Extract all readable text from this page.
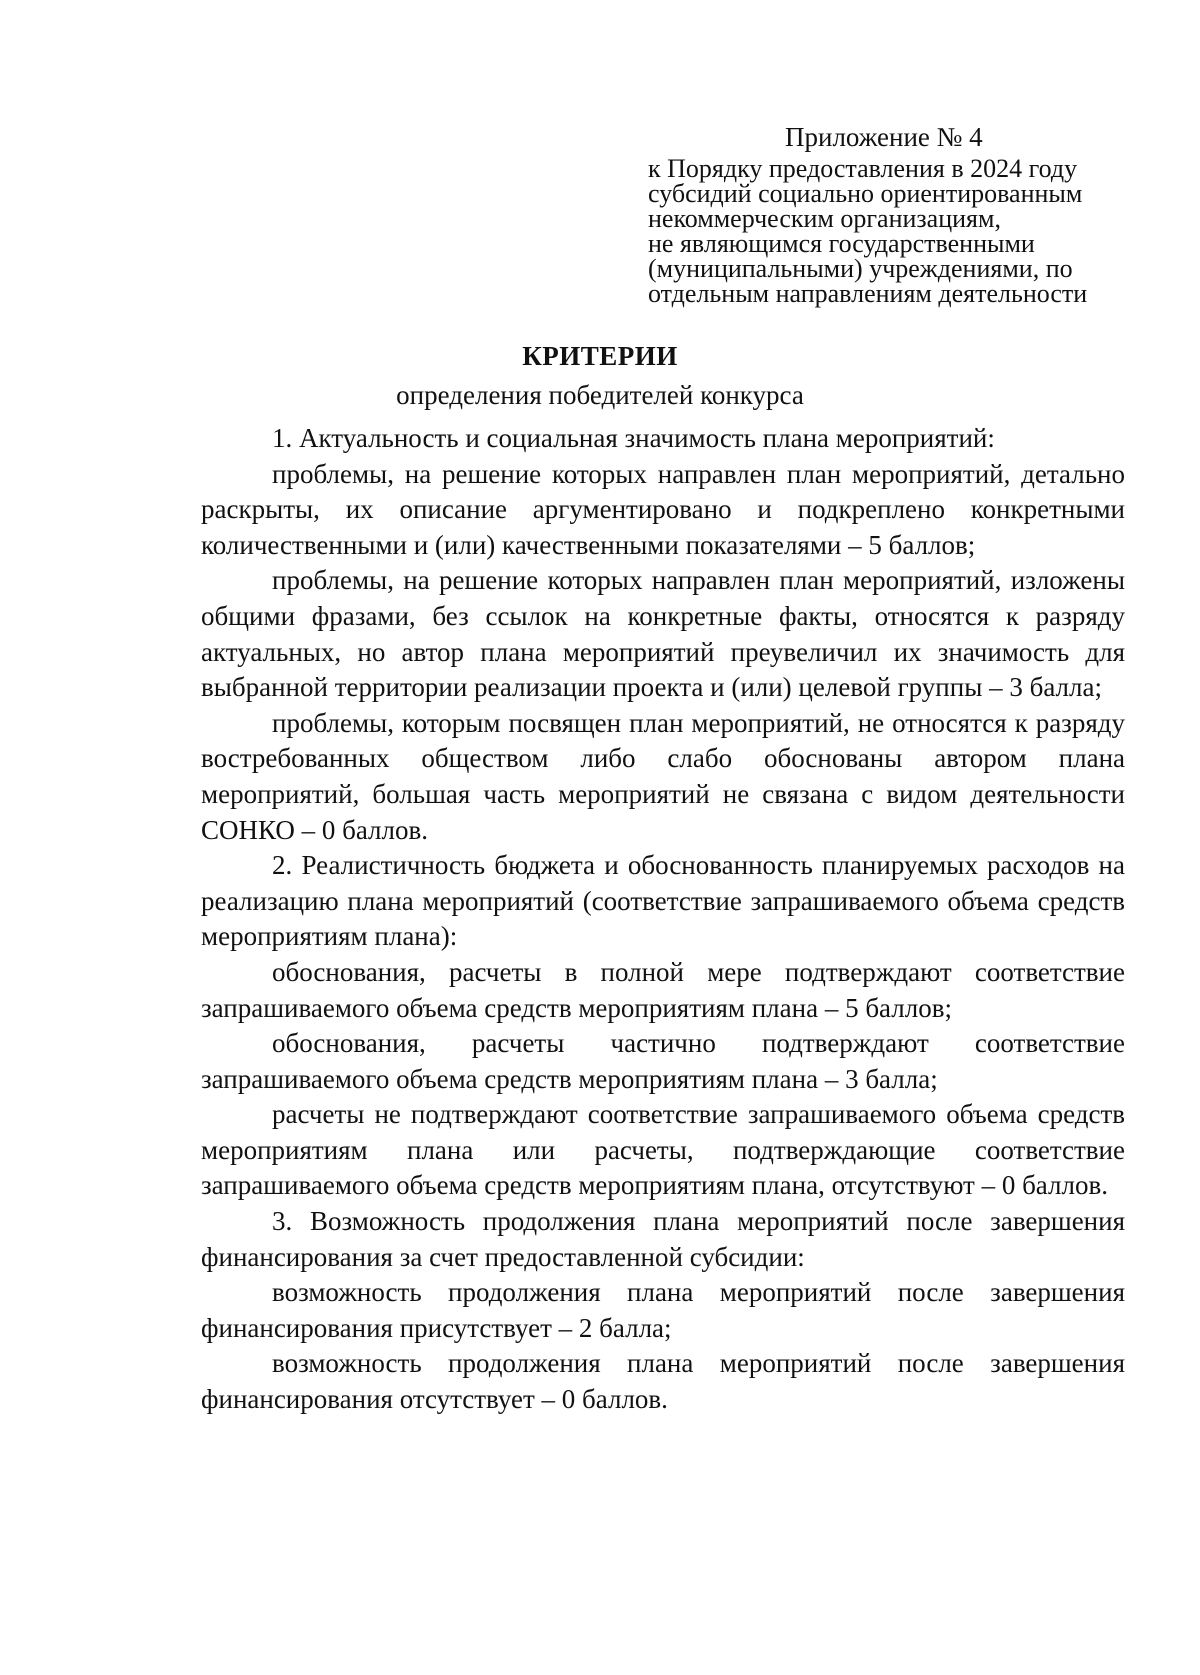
Приложение № 4
к Порядку предоставления в 2024 году
субсидий социально ориентированным
некоммерческим организациям,
не являющимся государственными
(муниципальными) учреждениями, по
отдельным направлениям деятельности
КРИТЕРИИ
определения победителей конкурса

1. Актуальность и социальная значимость плана мероприятий:

проблемы, на решение которых направлен план мероприятий, детально раскрыты, их описание аргументировано и подкреплено конкретными количественными и (или) качественными показателями – 5 баллов;

проблемы, на решение которых направлен план мероприятий, изложены общими фразами, без ссылок на конкретные факты, относятся к разряду актуальных, но автор плана мероприятий преувеличил их значимость для выбранной территории реализации проекта и (или) целевой группы – 3 балла;

проблемы, которым посвящен план мероприятий, не относятся к разряду востребованных обществом либо слабо обоснованы автором плана мероприятий, большая часть мероприятий не связана с видом деятельности СОНКО – 0 баллов.

2. Реалистичность бюджета и обоснованность планируемых расходов на реализацию плана мероприятий (соответствие запрашиваемого объема средств мероприятиям плана):

обоснования, расчеты в полной мере подтверждают соответствие запрашиваемого объема средств мероприятиям плана – 5 баллов;

обоснования, расчеты частично подтверждают соответствие запрашиваемого объема средств мероприятиям плана – 3 балла;

расчеты не подтверждают соответствие запрашиваемого объема средств мероприятиям плана или расчеты, подтверждающие соответствие запрашиваемого объема средств мероприятиям плана, отсутствуют – 0 баллов.

3. Возможность продолжения плана мероприятий после завершения финансирования за счет предоставленной субсидии:

возможность продолжения плана мероприятий после завершения финансирования присутствует – 2 балла;

возможность продолжения плана мероприятий после завершения финансирования отсутствует – 0 баллов.
